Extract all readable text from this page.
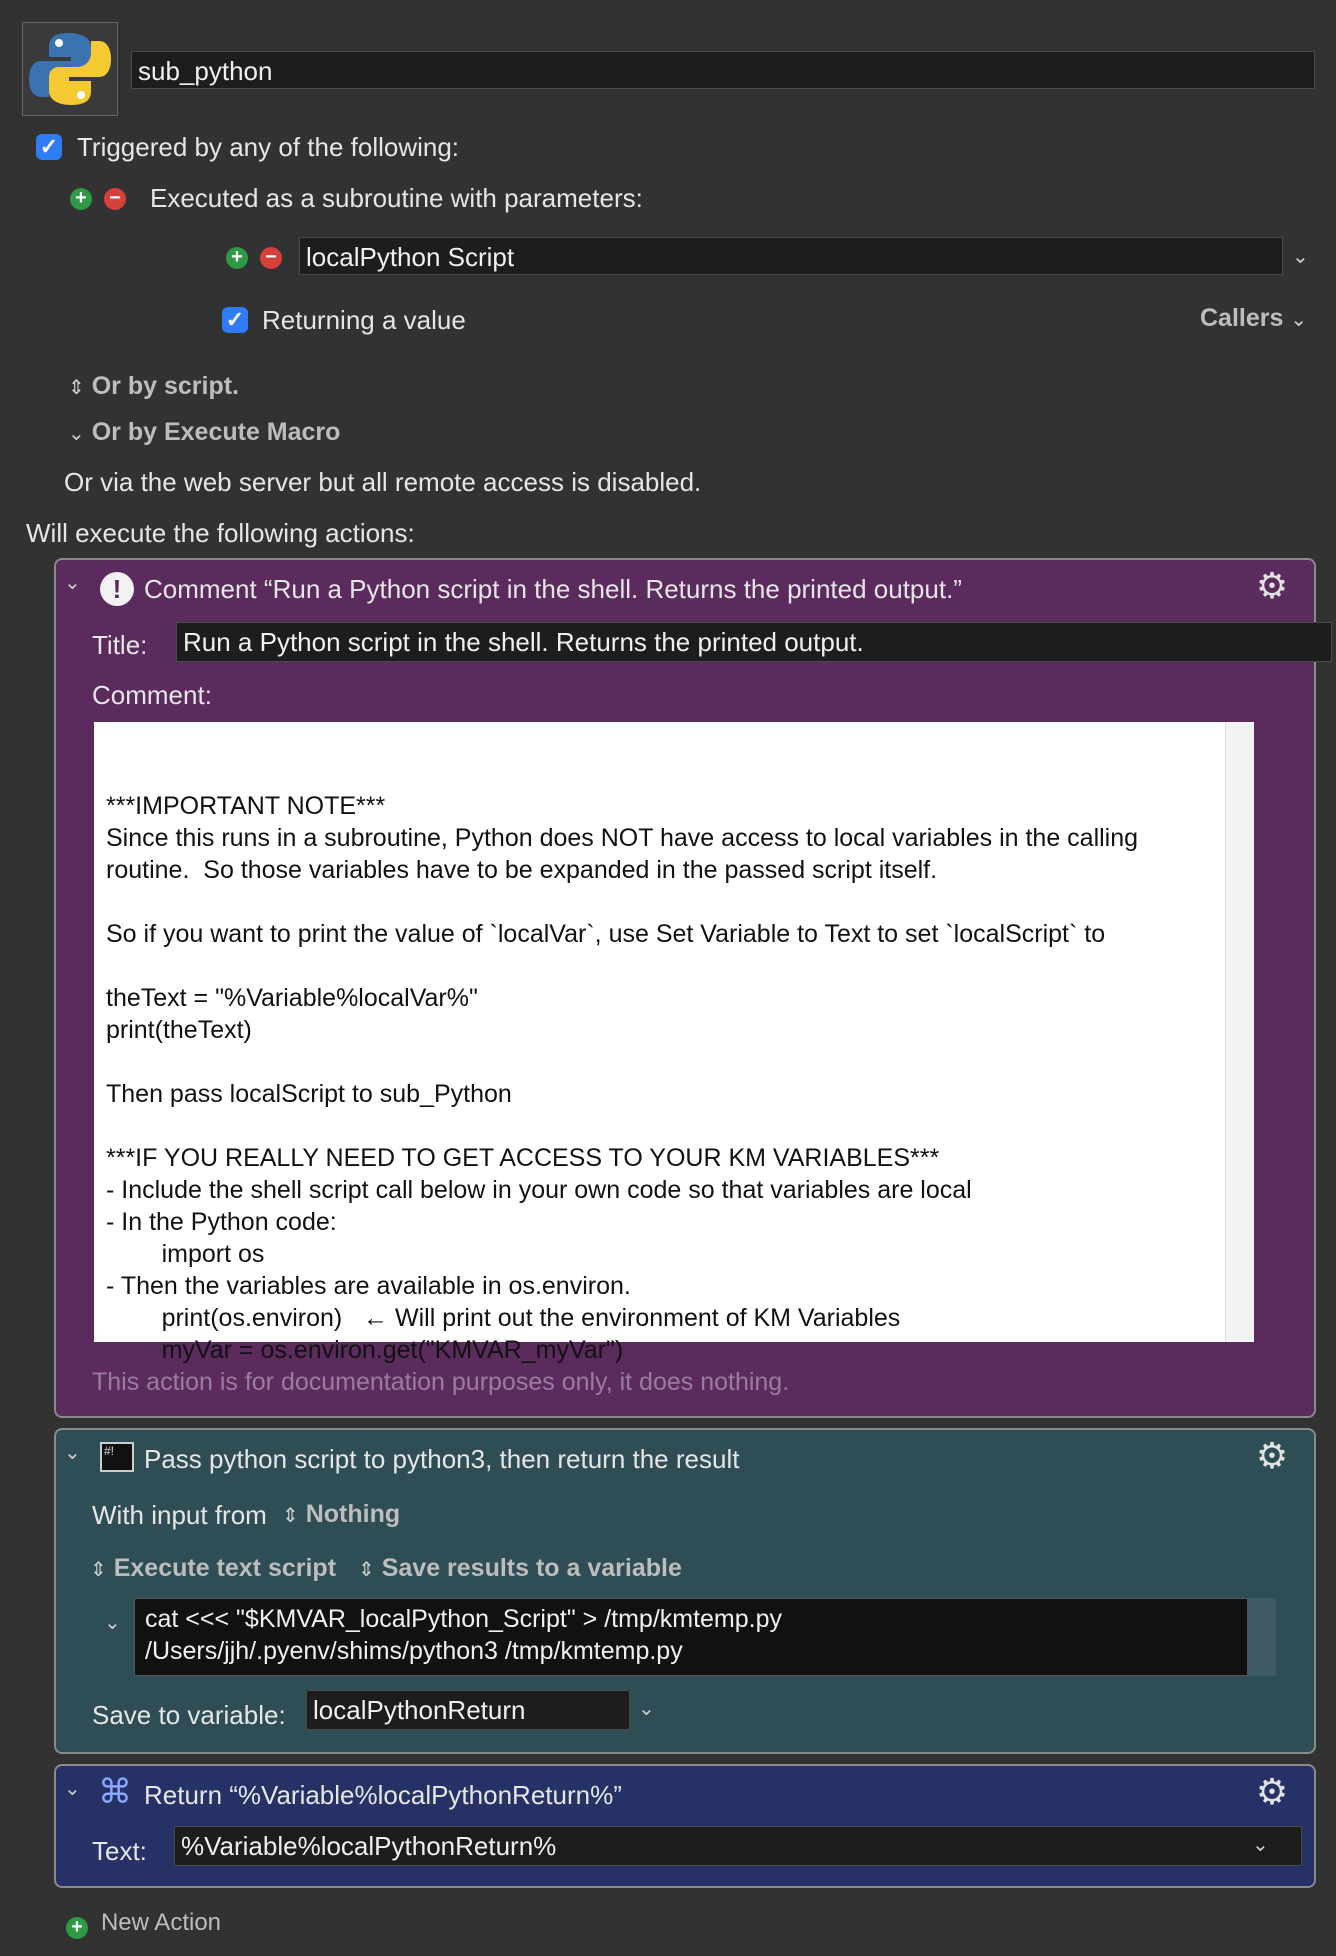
sub_python
✓ Triggered by any of the following:
+ − Executed as a subroutine with parameters:
+ − localPython Script	⌄
✓ Returning a value	Callers ⌄
⇕ Or by script.
⌄ Or by Execute Macro
Or via the web server but all remote access is disabled.
Will execute the following actions:
⌄	! Comment “Run a Python script in the shell. Returns the printed output.”	⚙
Title: Run a Python script in the shell. Returns the printed output.
Comment:

***IMPORTANT NOTE***
Since this runs in a subroutine, Python does NOT have access to local variables in the calling
routine.  So those variables have to be expanded in the passed script itself.

So if you want to print the value of `localVar`, use Set Variable to Text to set `localScript` to

theText = "%Variable%localVar%"
print(theText)

Then pass localScript to sub_Python

***IF YOU REALLY NEED TO GET ACCESS TO YOUR KM VARIABLES***
- Include the shell script call below in your own code so that variables are local
- In the Python code:
import os
- Then the variables are available in os.environ.
print(os.environ)   ← Will print out the environment of KM Variables
myVar = os.environ.get("KMVAR_myVar")

This action is for documentation purposes only, it does nothing.
⌄	#!	Pass python script to python3, then return the result	⚙
With input from ⇕ Nothing
⇕ Execute text script ⇕ Save results to a variable
⌄ cat <<< "$KMVAR_localPython_Script" > /tmp/kmtemp.py
/Users/jjh/.pyenv/shims/python3 /tmp/kmtemp.py
Save to variable: localPythonReturn	⌄
⌄ ⌘ Return “%Variable%localPythonReturn%”	⚙
Text: %Variable%localPythonReturn%	⌄
+ New Action
